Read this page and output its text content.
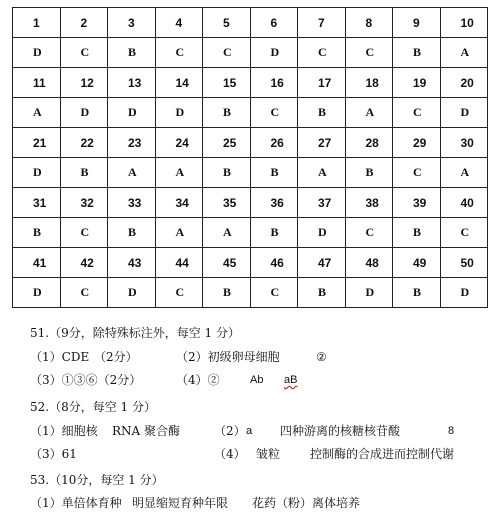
1	2	3	4	5	6	7	8	9	10
D	C	B	C	C	D	C	C	B	A
11	12	13	14	15	16	17	18	19	20
A	D	D	D	B	C	B	A	C	D
21	22	23	24	25	26	27	28	29	30
D	B	A	A	B	B	A	B	C	A
31	32	33	34	35	36	37	38	39	40
B	C	B	A	A	B	D	C	B	C
41	42	43	44	45	46	47	48	49	50
D	C	D	C	B	C	B	D	B	D
51.（9分，除特殊标注外，每空 1 分）
（1）CDE （2分）	（2）初级卵母细胞	②
（3）①③⑥（2分）	（4）②	Ab aB
52.（8分，每空 1 分）
（1）细胞核 RNA 聚合酶	（2） a 四种游离的核糖核苷酸	8
（3）61	（4） 皱粒 控制酶的合成进而控制代谢
53.（10分，每空 1 分）
（1）单倍体育种 明显缩短育种年限 花药（粉）离体培养
